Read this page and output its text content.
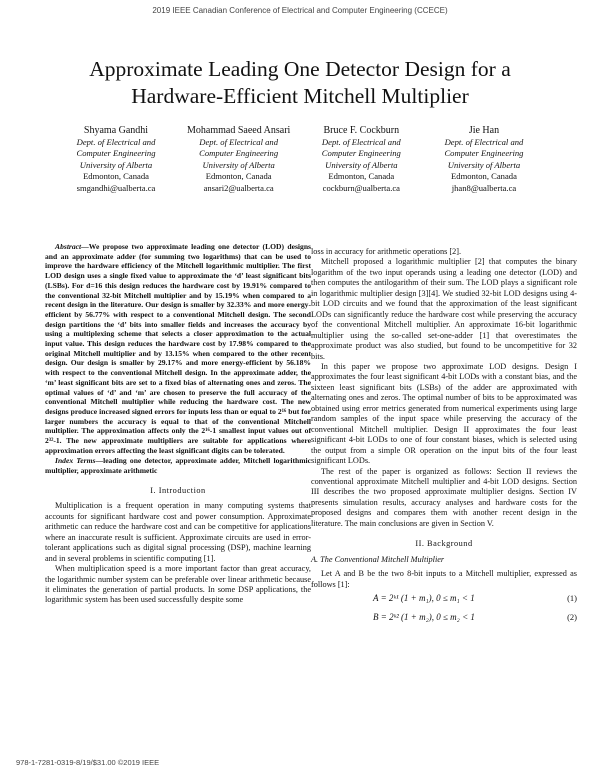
2019 IEEE Canadian Conference of Electrical and Computer Engineering (CCECE)
Approximate Leading One Detector Design for a
Hardware-Efficient Mitchell Multiplier
Shyama Gandhi
Dept. of Electrical and
Computer Engineering
University of Alberta
Edmonton, Canada
smgandhi@ualberta.ca
Mohammad Saeed Ansari
Dept. of Electrical and
Computer Engineering
University of Alberta
Edmonton, Canada
ansari2@ualberta.ca
Bruce F. Cockburn
Dept. of Electrical and
Computer Engineering
University of Alberta
Edmonton, Canada
cockburn@ualberta.ca
Jie Han
Dept. of Electrical and
Computer Engineering
University of Alberta
Edmonton, Canada
jhan8@ualberta.ca

Abstract—We propose two approximate leading one detector (LOD) designs and an approximate adder (for summing two logarithms) that can be used to improve the hardware efficiency of the Mitchell logarithmic multiplier. The first LOD design uses a single fixed value to approximate the ‘d’ least significant bits (LSBs). For d=16 this design reduces the hardware cost by 19.91% compared to the conventional 32-bit Mitchell multiplier and by 15.19% when compared to a recent design in the literature. Our design is smaller by 32.33% and more energy-efficient by 56.77% with respect to a conventional Mitchell design. The second design partitions the ‘d’ bits into smaller fields and increases the accuracy by using a multiplexing scheme that selects a closer approximation to the actual input value. This design reduces the hardware cost by 17.98% compared to the original Mitchell multiplier and by 13.15% when compared to the other recent design. Our design is smaller by 29.17% and more energy-efficient by 56.18% with respect to the conventional Mitchell design. In the approximate adder, the ‘m’ least significant bits are set to a fixed bias of alternating ones and zeros. The optimal values of ‘d’ and ‘m’ are chosen to preserve the full accuracy of the conventional Mitchell multiplier while reducing the hardware cost. The new designs produce increased signed errors for inputs less than or equal to 2¹⁶ but for larger numbers the accuracy is equal to that of the conventional Mitchell multiplier. The approximation affects only the 2¹⁶-1 smallest input values out of 2³²-1. The new approximate multipliers are suitable for applications where approximation errors affecting the least significant digits can be tolerated.

Index Terms—leading one detector, approximate adder, Mitchell logarithmic multiplier, approximate arithmetic

I. Introduction

Multiplication is a frequent operation in many computing systems that accounts for significant hardware cost and power consumption. Approximate arithmetic can reduce the hardware cost and can be competitive for applications where an inaccurate result is sufficient. Approximate circuits are used in error-tolerant applications such as digital signal processing (DSP), machine learning and in several problems in scientific computing [1].

When multiplication speed is a more important factor than great accuracy, the logarithmic number system can be preferable over linear arithmetic because it eliminates the generation of partial products. In some DSP applications, the logarithmic system has been used successfully despite some

loss in accuracy for arithmetic operations [2].

Mitchell proposed a logarithmic multiplier [2] that computes the binary logarithm of the two input operands using a leading one detector (LOD) and then computes the antilogarithm of their sum. The LOD plays a significant role in logarithmic multiplier design [3][4]. We studied 32-bit LOD designs using 4-bit LOD circuits and we found that the approximation of the least significant LODs can significantly reduce the hardware cost while preserving the accuracy of the conventional Mitchell multiplier. An approximate 16-bit logarithmic multiplier using the so-called set-one-adder [1] that overestimates the approximate product was also studied, but found to be uncompetitive for 32 bits.

In this paper we propose two approximate LOD designs. Design I approximates the four least significant 4-bit LODs with a constant bias, and the sixteen least significant bits (LSBs) of the adder are approximated with alternating ones and zeros. The optimal number of bits to be approximated was obtained using error metrics generated from numerical experiments using large random samples of the input space while preserving the accuracy of the conventional Mitchell multiplier. Design II approximates the four least significant 4-bit LODs to one of four constant biases, which is selected using the output from a simple OR operation on the input bits of the four least significant LODs.

The rest of the paper is organized as follows: Section II reviews the conventional approximate Mitchell multiplier and 4-bit LOD designs. Section III describes the two proposed approximate multiplier designs. Section IV presents simulation results, accuracy analyses and hardware costs for the proposed designs and compares them with another recent design in the literature. The main conclusions are given in Section V.

II. Background

A. The Conventional Mitchell Multiplier

Let A and B be the two 8-bit inputs to a Mitchell multiplier, expressed as follows [1]:

A = 2ᵏ¹ (1 + m₁), 0 ≤ m₁ < 1	(1)
B = 2ᵏ² (1 + m₂), 0 ≤ m₂ < 1	(2)
978-1-7281-0319-8/19/$31.00 ©2019 IEEE
